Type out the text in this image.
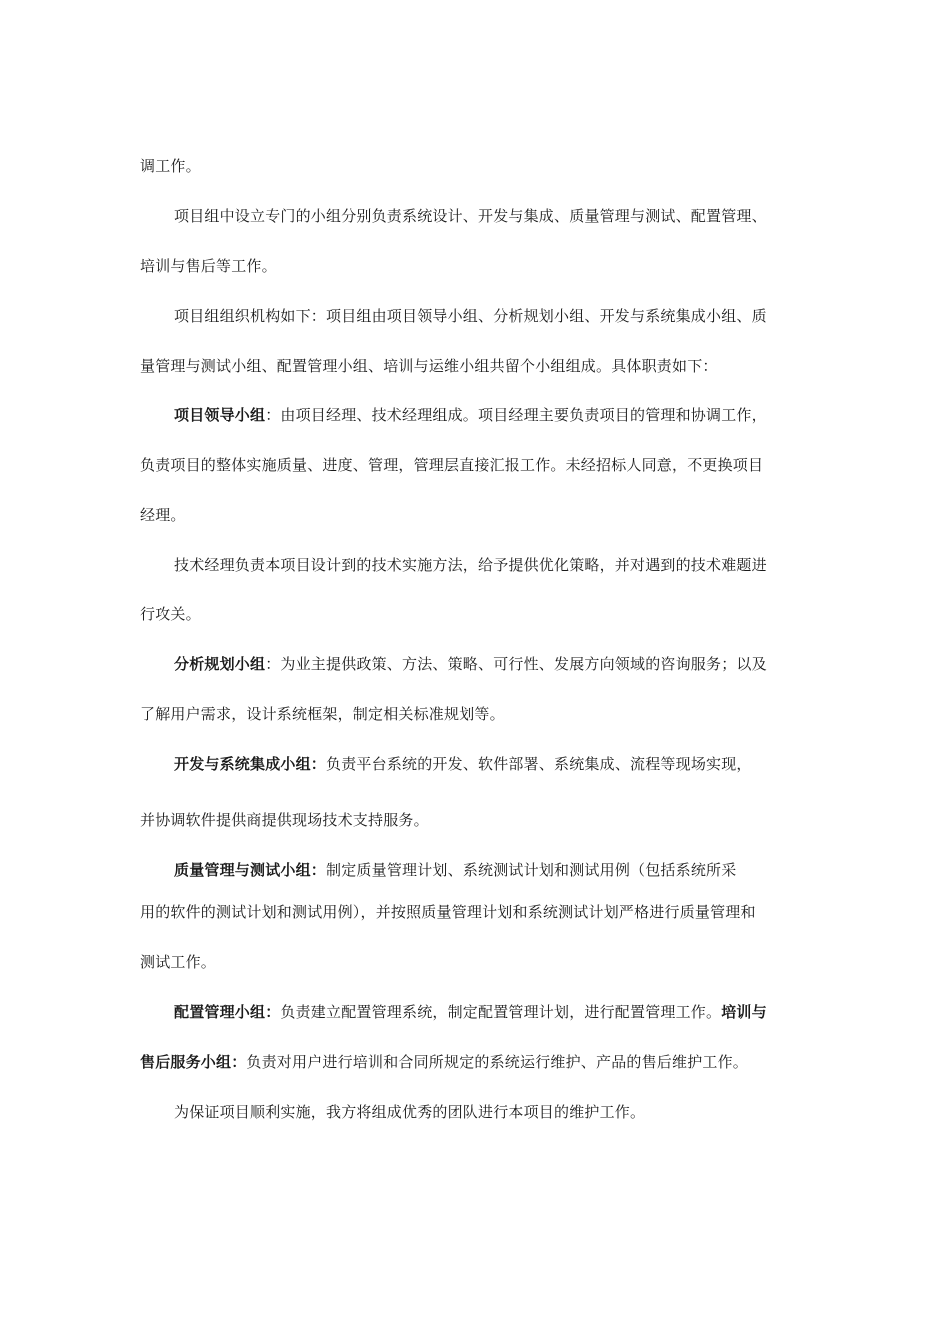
调工作。
项目组中设立专门的小组分别负责系统设计、开发与集成、质量管理与测试、配置管理、
培训与售后等工作。
项目组组织机构如下：项目组由项目领导小组、分析规划小组、开发与系统集成小组、质
量管理与测试小组、配置管理小组、培训与运维小组共留个小组组成。具体职责如下：
项目领导小组：由项目经理、技术经理组成。项目经理主要负责项目的管理和协调工作，
负责项目的整体实施质量、进度、管理，管理层直接汇报工作。未经招标人同意，不更换项目
经理。
技术经理负责本项目设计到的技术实施方法，给予提供优化策略，并对遇到的技术难题进
行攻关。
分析规划小组：为业主提供政策、方法、策略、可行性、发展方向领域的咨询服务；以及
了解用户需求，设计系统框架，制定相关标准规划等。
开发与系统集成小组：负责平台系统的开发、软件部署、系统集成、流程等现场实现，
并协调软件提供商提供现场技术支持服务。
质量管理与测试小组：制定质量管理计划、系统测试计划和测试用例（包括系统所采
用的软件的测试计划和测试用例），并按照质量管理计划和系统测试计划严格进行质量管理和
测试工作。
配置管理小组：负责建立配置管理系统，制定配置管理计划，进行配置管理工作。培训与
售后服务小组：负责对用户进行培训和合同所规定的系统运行维护、产品的售后维护工作。
为保证项目顺利实施，我方将组成优秀的团队进行本项目的维护工作。
